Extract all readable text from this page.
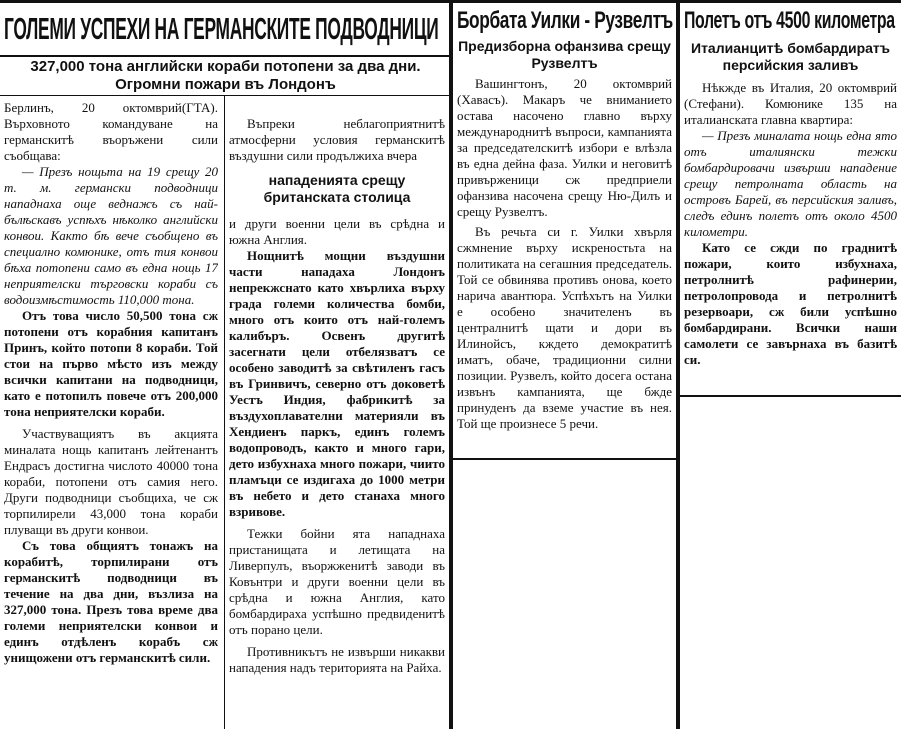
ГОЛЕМИ УСПЕХИ НА ГЕРМАНСКИТЕ ПОДВОДНИЦИ
327,000 тона английски кораби потопени за два дни. Огромни пожари въ Лондонъ

Берлинъ, 20 октомврий(ГТА). Върховното командуване на германскитѣ въоръжени сили съобщава:

— Презъ нощьта на 19 срещу 20 т. м. германски подводници нападнаха още веднажъ съ най-бълѣскавъ успѣхъ нѣколко английски конвои. Както бѣ вече съобщено въ специално комюнике, отъ тия конвои бѣха потопени само въ една нощь 17 неприятелски търговски кораби съ водоизмѣстимость 110,000 тона.

Отъ това число 50,500 тона сж потопени отъ корабния капитанъ Принъ, който потопи 8 кораби. Той стои на първо мѣсто изъ между всички капитани на подводници, като е потопилъ повече отъ 200,000 тона неприятелски кораби.

Участвуващиятъ въ акцията миналата нощь капитанъ лейтенантъ Ендрасъ достигна числото 40000 тона кораби, потопени отъ самия него. Други подводници съобщиха, че сж торпилирели 43,000 тона кораби плуващи въ други конвои.

Съ това общиятъ тонажъ на корабитѣ, торпилирани отъ германскитѣ подводници въ течение на два дни, възлиза на 327,000 тона. Презъ това време два големи неприятелски конвои и единъ отдѣленъ корабъ сж унищожени отъ германскитѣ сили.

Въпреки неблагоприятнитѣ атмосферни условия германскитѣ въздушни сили продължиха вчера

нападенията срещу британската столица

и други военни цели въ срѣдна и южна Англия.

Нощнитѣ мощни въздушни части нападаха Лондонъ непрекжснато като хвърлиха върху града големи количества бомби, много отъ които отъ най-големъ калибъръ. Освенъ другитѣ засегнати цели отбелязватъ се особено заводитѣ за свѣтиленъ гасъ въ Гринвичъ, северно отъ доковетѣ Уестъ Индия, фабрикитѣ за въздухоплавателни материяли въ Хендиенъ паркъ, единъ големъ водопроводъ, както и много гари, дето избухнаха много пожари, чиито пламъци се издигаха до 1000 метри въ небето и дето станаха много взривове.

Тежки бойни ята нападнаха пристанищата и летищата на Ливерпулъ, въоржженитѣ заводи въ Ковънтри и други военни цели въ срѣдна и южна Англия, като бомбардираха успѣшно предвиденитѣ отъ порано цели.

Противникътъ не извърши никакви нападения надъ територията на Райха.

Борбата Уилки - Рузвелтъ
Предизборна офанзива срещу Рузвелтъ

Вашингтонъ, 20 октомврий (Хавасъ). Макаръ че вниманието остава насочено главно върху международнитѣ въпроси, кампанията за председателскитѣ избори е влѣзла въ една дейна фаза. Уилки и неговитѣ привърженици сж предприели офанзива насочена срещу Ню-Дилъ и срещу Рузвелтъ.

Въ речьта си г. Уилки хвърля сжмнение върху искреностьта на политиката на сегашния председатель. Той се обвинява противъ онова, което нарича авантюра. Успѣхътъ на Уилки е особено значителенъ въ централнитѣ щати и дори въ Илинойсъ, кждето демократитѣ иматъ, обаче, традиционни силни позиции. Рузвелъ, който досега остана извънъ кампанията, ще бжде принуденъ да вземе участие въ нея. Той ще произнесе 5 речи.

Полетъ отъ 4500 километра
Италианцитѣ бомбардиратъ персийския заливъ

Нѣкжде въ Италия, 20 октомврий (Стефани). Комюнике 135 на италианската главна квартира:

— Презъ миналата нощь една ято отъ италиянски тежки бомбардировачи извърши нападение срещу петролната область на островъ Барей, въ персийския заливъ, следъ единъ полетъ отъ около 4500 километри.

Като се сжди по граднитѣ пожари, които избухнаха, петролнитѣ рафинерии, петролопровода и петролнитѣ резервоари, сж били успѣшно бомбардирани. Всички наши самолети се завърнаха въ базитѣ си.
